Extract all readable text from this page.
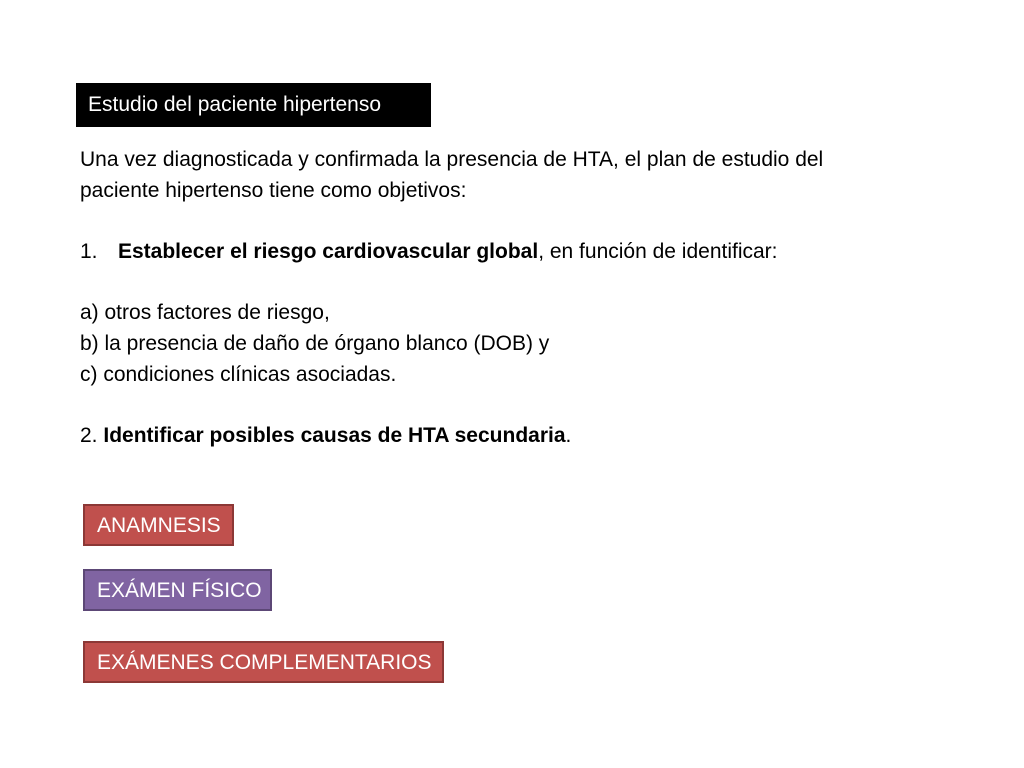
Estudio del paciente hipertenso
Una vez diagnosticada y confirmada la presencia de HTA, el plan de estudio del
paciente hipertenso tiene como objetivos:
1. Establecer el riesgo cardiovascular global, en función de identificar:
a) otros factores de riesgo,
b) la presencia de daño de órgano blanco (DOB) y
c) condiciones clínicas asociadas.
2. Identificar posibles causas de HTA secundaria.
ANAMNESIS
EXÁMEN FÍSICO
EXÁMENES COMPLEMENTARIOS
